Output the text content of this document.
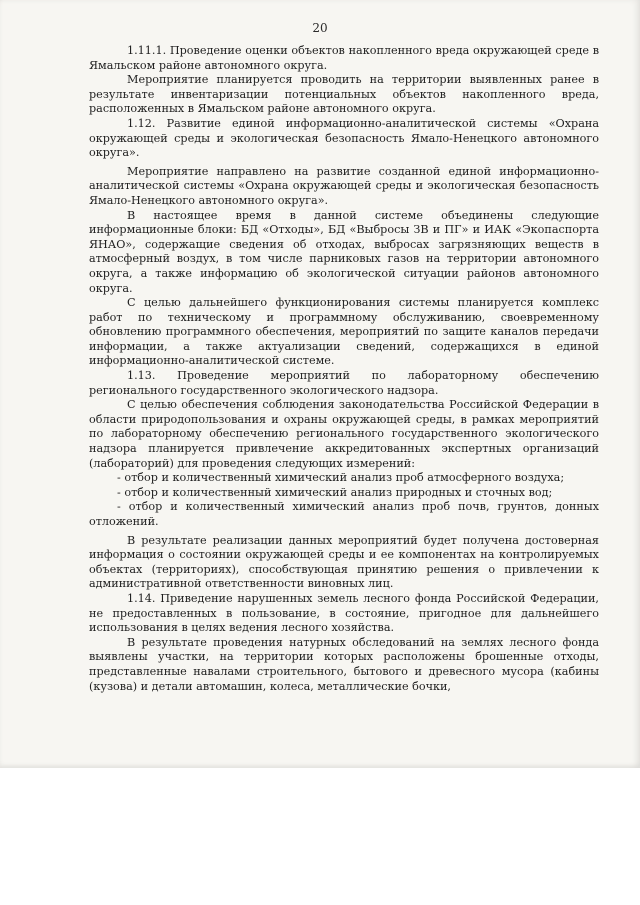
20

1.11.1. Проведение оценки объектов накопленного вреда окружающей среде в Ямальском районе автономного округа.

Мероприятие планируется проводить на территории выявленных ранее в результате инвентаризации потенциальных объектов накопленного вреда, расположенных в Ямальском районе автономного округа.

1.12. Развитие единой информационно-аналитической системы «Охрана окружающей среды и экологическая безопасность Ямало-Ненецкого автономного округа».

Мероприятие направлено на развитие созданной единой информационно-аналитической системы «Охрана окружающей среды и экологическая безопасность Ямало-Ненецкого автономного округа».

В настоящее время в данной системе объединены следующие информационные блоки: БД «Отходы», БД «Выбросы ЗВ и ПГ» и ИАК «Экопаспорта ЯНАО», содержащие сведения об отходах, выбросах загрязняющих веществ в атмосферный воздух, в том числе парниковых газов на территории автономного округа, а также информацию об экологической ситуации районов автономного округа.

С целью дальнейшего функционирования системы планируется комплекс работ по техническому и программному обслуживанию, своевременному обновлению программного обеспечения, мероприятий по защите каналов передачи информации, а также актуализации сведений, содержащихся в единой информационно-аналитической системе.

1.13. Проведение мероприятий по лабораторному обеспечению регионального государственного экологического надзора.

С целью обеспечения соблюдения законодательства Российской Федерации в области природопользования и охраны окружающей среды, в рамках мероприятий по лабораторному обеспечению регионального государственного экологического надзора планируется привлечение аккредитованных экспертных организаций (лабораторий) для проведения следующих измерений:

- отбор и количественный химический анализ проб атмосферного воздуха;

- отбор и количественный химический анализ природных и сточных вод;

- отбор и количественный химический анализ проб почв, грунтов, донных отложений.

В результате реализации данных мероприятий будет получена достоверная информация о состоянии окружающей среды и ее компонентах на контролируемых объектах (территориях), способствующая принятию решения о привлечении к административной ответственности виновных лиц.

1.14. Приведение нарушенных земель лесного фонда Российской Федерации, не предоставленных в пользование, в состояние, пригодное для дальнейшего использования в целях ведения лесного хозяйства.

В результате проведения натурных обследований на землях лесного фонда выявлены участки, на территории которых расположены брошенные отходы, представленные навалами строительного, бытового и древесного мусора (кабины (кузова) и детали автомашин, колеса, металлические бочки,
